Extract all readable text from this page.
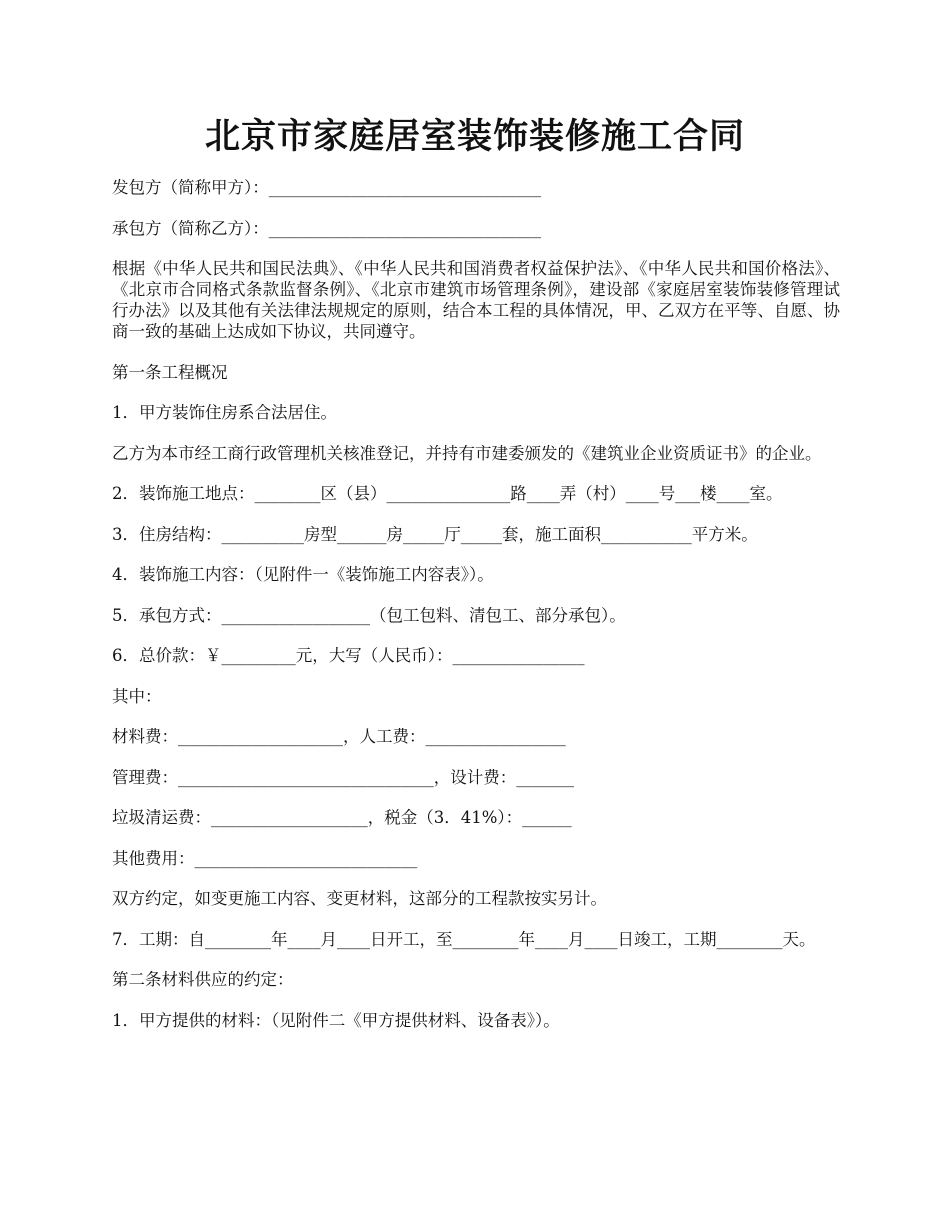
北京市家庭居室装饰装修施工合同

发包方（简称甲方）：_________________________________

承包方（简称乙方）：_________________________________

根据《中华人民共和国民法典》、《中华人民共和国消费者权益保护法》、《中华人民共和国价格法》、《北京市合同格式条款监督条例》、《北京市建筑市场管理条例》，建设部《家庭居室装饰装修管理试行办法》以及其他有关法律法规规定的原则，结合本工程的具体情况，甲、乙双方在平等、自愿、协商一致的基础上达成如下协议，共同遵守。

第一条工程概况

1．甲方装饰住房系合法居住。

乙方为本市经工商行政管理机关核准登记，并持有市建委颁发的《建筑业企业资质证书》的企业。

2．装饰施工地点：________区（县）_______________路____弄（村）____号___楼____室。

3．住房结构：__________房型______房_____厅_____套，施工面积___________平方米。

4．装饰施工内容：（见附件一《装饰施工内容表》）。

5．承包方式：__________________（包工包料、清包工、部分承包）。

6．总价款：￥_________元，大写（人民币）：________________

其中：

材料费：____________________，人工费：_________________

管理费：_______________________________，设计费：_______

垃圾清运费：___________________，税金（3．41%）：______

其他费用：___________________________

双方约定，如变更施工内容、变更材料，这部分的工程款按实另计。

7．工期：自________年____月____日开工，至________年____月____日竣工，工期________天。

第二条材料供应的约定：

1．甲方提供的材料：（见附件二《甲方提供材料、设备表》）。
